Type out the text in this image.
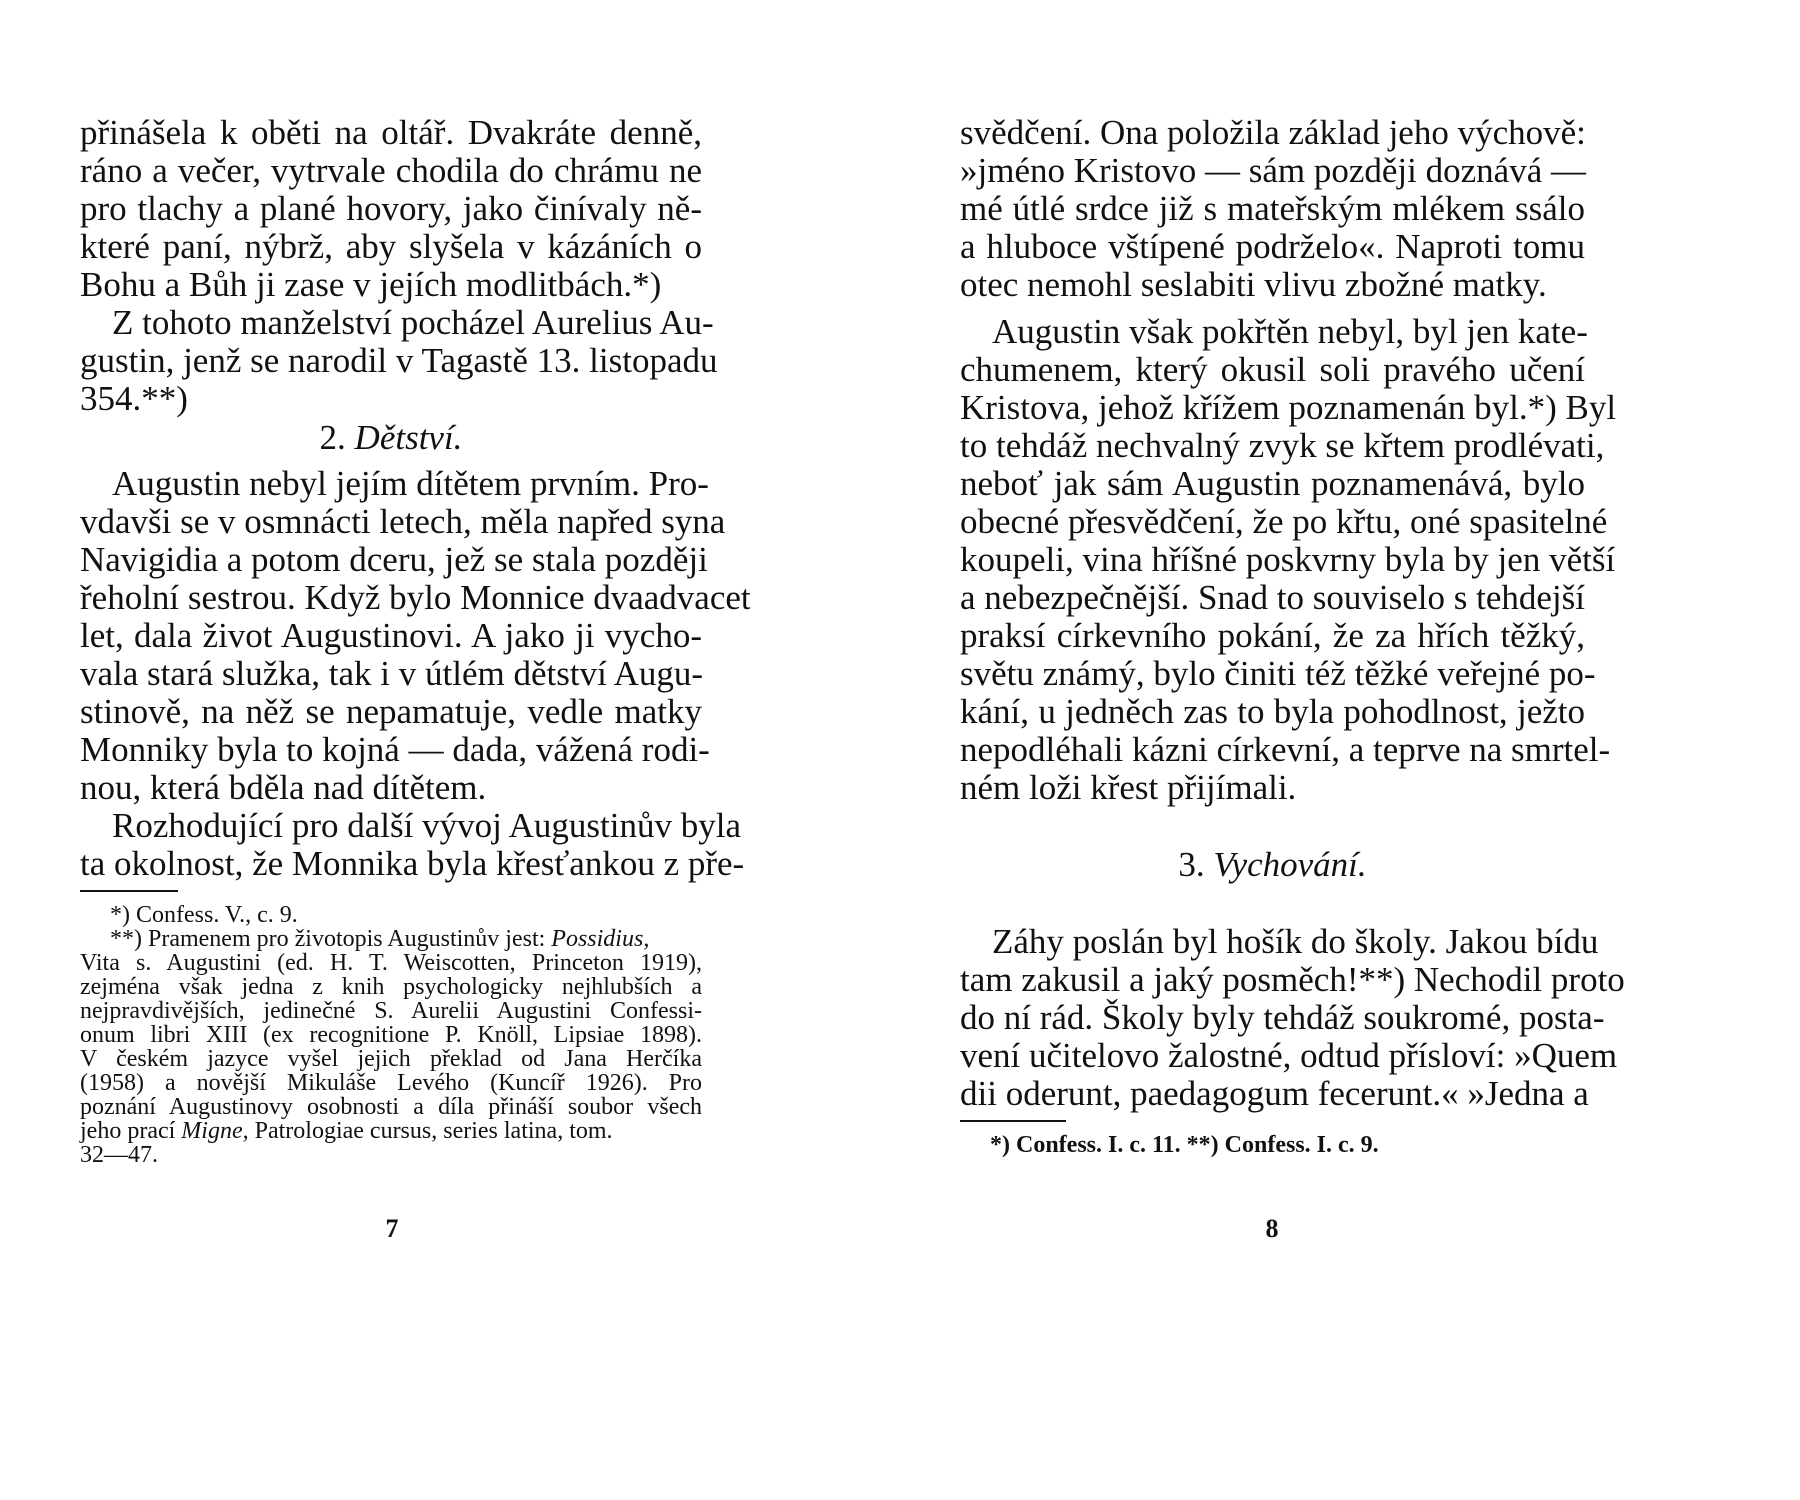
přinášela k oběti na oltář. Dvakráte denně,
ráno a večer, vytrvale chodila do chrámu ne
pro tlachy a plané hovory, jako činívaly ně-
které paní, nýbrž, aby slyšela v kázáních o
Bohu a Bůh ji zase v jejích modlitbách.*)
Z tohoto manželství pocházel Aurelius Au-
gustin, jenž se narodil v Tagastě 13. listopadu
354.**)
2. Dětství.
Augustin nebyl jejím dítětem prvním. Pro-
vdavši se v osmnácti letech, měla napřed syna
Navigidia a potom dceru, jež se stala později
řeholní sestrou. Když bylo Monnice dvaadvacet
let, dala život Augustinovi. A jako ji vycho-
vala stará služka, tak i v útlém dětství Augu-
stinově, na něž se nepamatuje, vedle matky
Monniky byla to kojná — dada, vážená rodi-
nou, která bděla nad dítětem.
Rozhodující pro další vývoj Augustinův byla
ta okolnost, že Monnika byla křesťankou z pře-
*) Confess. V., c. 9.
**) Pramenem pro životopis Augustinův jest: Possidius,
Vita s. Augustini (ed. H. T. Weiscotten, Princeton 1919),
zejména však jedna z knih psychologicky nejhlubších a
nejpravdivějších, jedinečné S. Aurelii Augustini Confessi-
onum libri XIII (ex recognitione P. Knöll, Lipsiae 1898).
V českém jazyce vyšel jejich překlad od Jana Herčíka
(1958) a novější Mikuláše Levého (Kuncíř 1926). Pro
poznání Augustinovy osobnosti a díla přináší soubor všech
jeho prací Migne, Patrologiae cursus, series latina, tom.
32—47.
7
svědčení. Ona položila základ jeho výchově:
»jméno Kristovo — sám později doznává —
mé útlé srdce již s mateřským mlékem ssálo
a hluboce vštípené podrželo«. Naproti tomu
otec nemohl seslabiti vlivu zbožné matky.
Augustin však pokřtěn nebyl, byl jen kate-
chumenem, který okusil soli pravého učení
Kristova, jehož křížem poznamenán byl.*) Byl
to tehdáž nechvalný zvyk se křtem prodlévati,
neboť jak sám Augustin poznamenává, bylo
obecné přesvědčení, že po křtu, oné spasitelné
koupeli, vina hříšné poskvrny byla by jen větší
a nebezpečnější. Snad to souviselo s tehdejší
praksí církevního pokání, že za hřích těžký,
světu známý, bylo činiti též těžké veřejné po-
kání, u jedněch zas to byla pohodlnost, ježto
nepodléhali kázni církevní, a teprve na smrtel-
ném loži křest přijímali.
3. Vychování.
Záhy poslán byl hošík do školy. Jakou bídu
tam zakusil a jaký posměch!**) Nechodil proto
do ní rád. Školy byly tehdáž soukromé, posta-
vení učitelovo žalostné, odtud přísloví: »Quem
dii oderunt, paedagogum fecerunt.« »Jedna a
*) Confess. I. c. 11. **) Confess. I. c. 9.
8
